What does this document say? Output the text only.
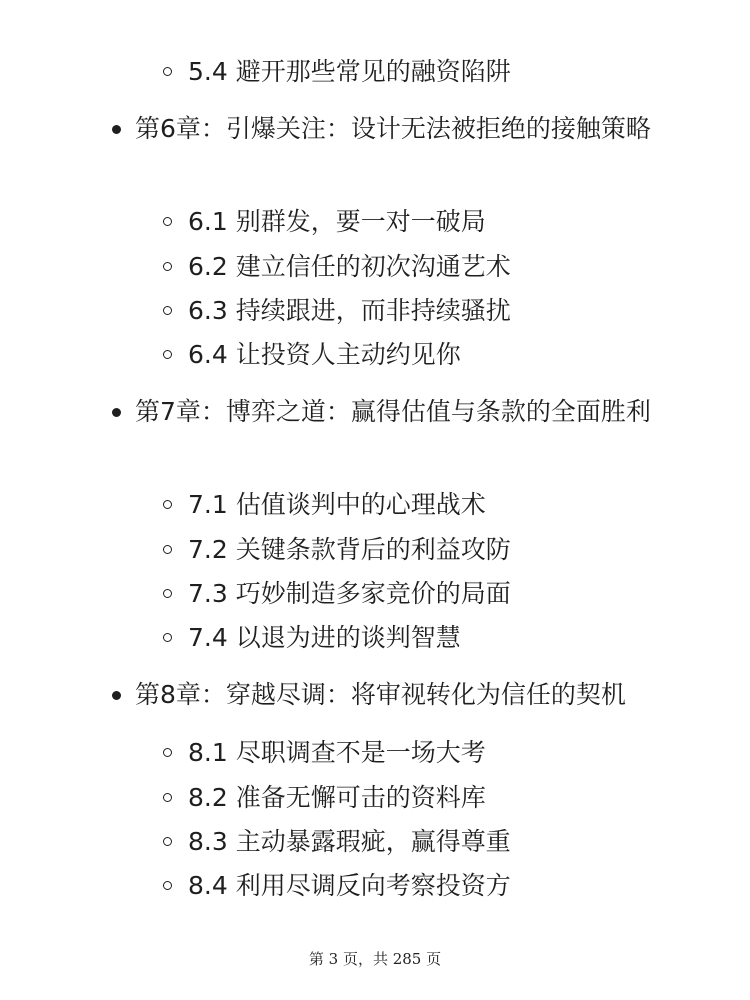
5.4 避开那些常见的融资陷阱
第6章：引爆关注：设计无法被拒绝的接触策略
6.1 别群发，要一对一破局
6.2 建立信任的初次沟通艺术
6.3 持续跟进，而非持续骚扰
6.4 让投资人主动约见你
第7章：博弈之道：赢得估值与条款的全面胜利
7.1 估值谈判中的心理战术
7.2 关键条款背后的利益攻防
7.3 巧妙制造多家竞价的局面
7.4 以退为进的谈判智慧
第8章：穿越尽调：将审视转化为信任的契机
8.1 尽职调查不是一场大考
8.2 准备无懈可击的资料库
8.3 主动暴露瑕疵，赢得尊重
8.4 利用尽调反向考察投资方
第 3 页，共 285 页
